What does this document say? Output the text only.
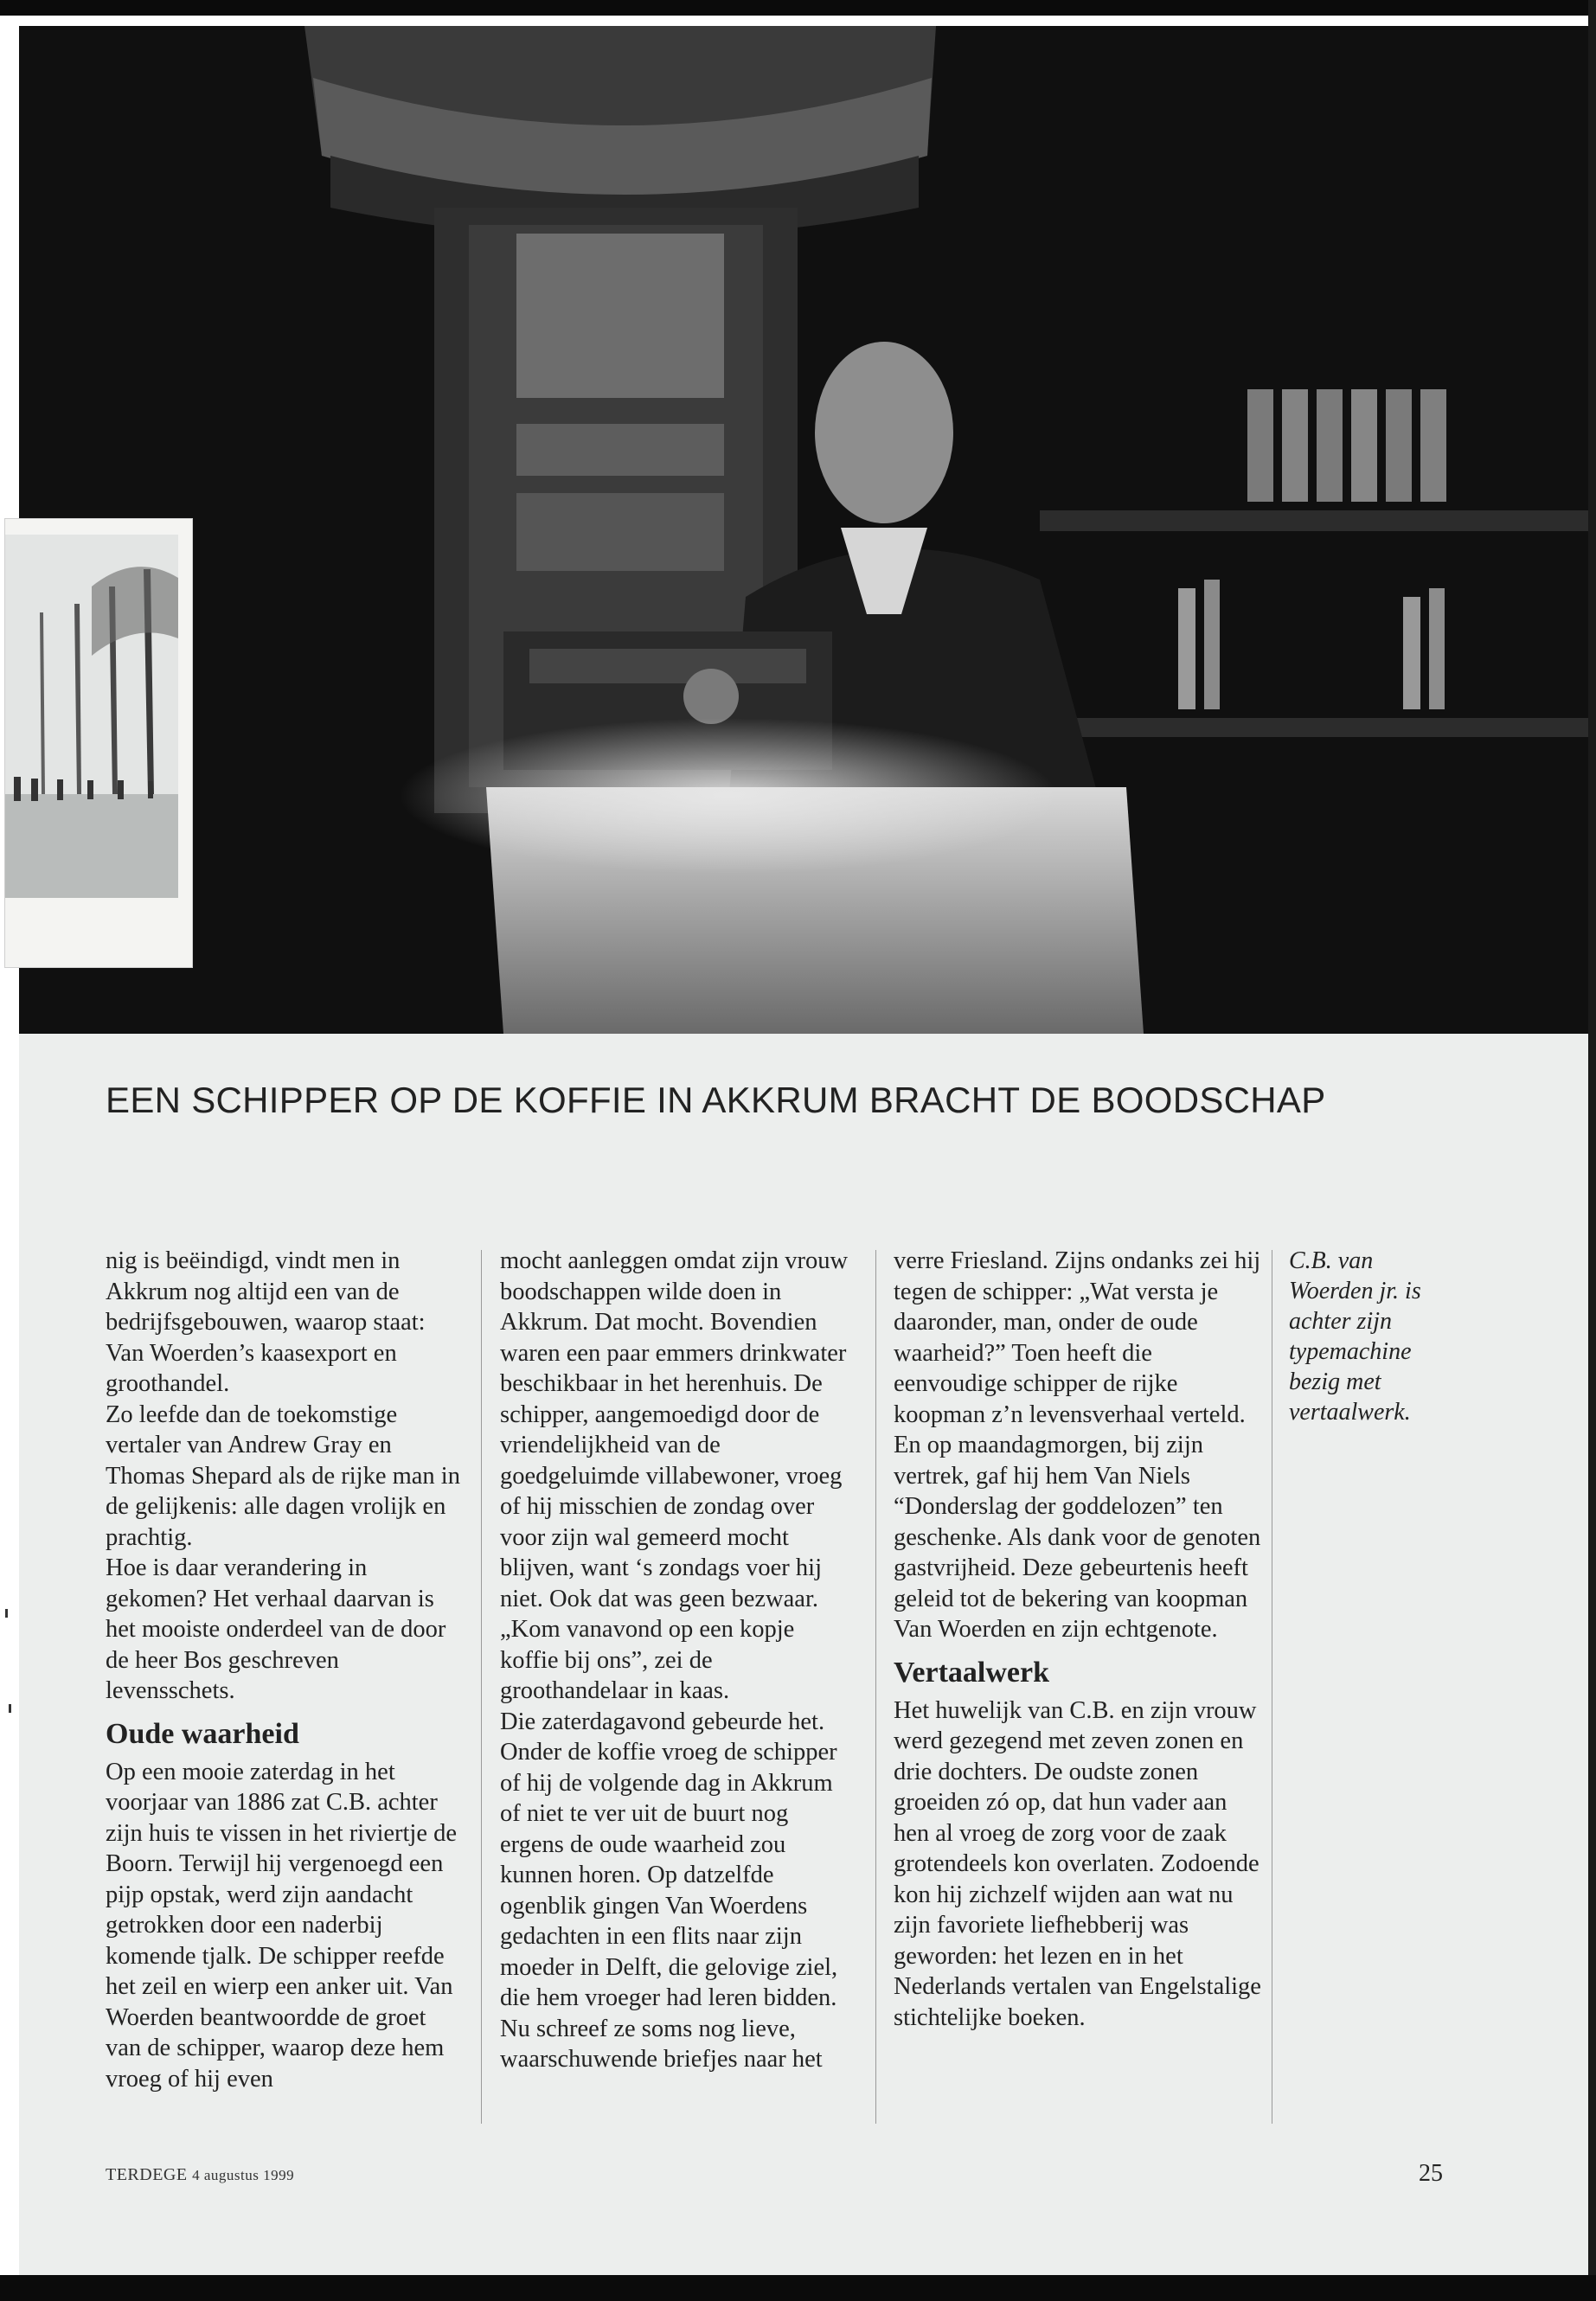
EEN SCHIPPER OP DE KOFFIE IN AKKRUM BRACHT DE BOODSCHAP

nig is beëindigd, vindt men in Akkrum nog altijd een van de bedrijfsgebouwen, waarop staat: Van Woerden’s kaasexport en groothandel.

Zo leefde dan de toekomstige vertaler van Andrew Gray en Thomas Shepard als de rijke man in de gelijkenis: alle dagen vrolijk en prachtig.

Hoe is daar verandering in gekomen? Het verhaal daarvan is het mooiste onderdeel van de door de heer Bos geschreven levensschets.

Oude waarheid

Op een mooie zaterdag in het voorjaar van 1886 zat C.B. achter zijn huis te vissen in het riviertje de Boorn. Terwijl hij vergenoegd een pijp opstak, werd zijn aandacht getrokken door een naderbij komende tjalk. De schipper reefde het zeil en wierp een anker uit. Van Woerden beantwoordde de groet van de schipper, waarop deze hem vroeg of hij even

mocht aanleggen omdat zijn vrouw boodschappen wilde doen in Akkrum. Dat mocht. Bovendien waren een paar emmers drinkwater beschikbaar in het herenhuis. De schipper, aangemoedigd door de vriendelijkheid van de goedgeluimde villabewoner, vroeg of hij misschien de zondag over voor zijn wal gemeerd mocht blijven, want ‘s zondags voer hij niet. Ook dat was geen bezwaar. „Kom vanavond op een kopje koffie bij ons”, zei de groothandelaar in kaas.

Die zaterdagavond gebeurde het. Onder de koffie vroeg de schipper of hij de volgende dag in Akkrum of niet te ver uit de buurt nog ergens de oude waarheid zou kunnen horen. Op datzelfde ogenblik gingen Van Woerdens gedachten in een flits naar zijn moeder in Delft, die gelovige ziel, die hem vroeger had leren bidden. Nu schreef ze soms nog lieve, waarschuwende briefjes naar het

verre Friesland. Zijns ondanks zei hij tegen de schipper: „Wat versta je daaronder, man, onder de oude waarheid?” Toen heeft die eenvoudige schipper de rijke koopman z’n levensverhaal verteld. En op maandagmorgen, bij zijn vertrek, gaf hij hem Van Niels “Donderslag der goddelozen” ten geschenke. Als dank voor de genoten gastvrijheid. Deze gebeurtenis heeft geleid tot de bekering van koopman Van Woerden en zijn echtgenote.

Vertaalwerk

Het huwelijk van C.B. en zijn vrouw werd gezegend met zeven zonen en drie dochters. De oudste zonen groeiden zó op, dat hun vader aan hen al vroeg de zorg voor de zaak grotendeels kon overlaten. Zodoende kon hij zichzelf wijden aan wat nu zijn favoriete liefhebberij was geworden: het lezen en in het Nederlands vertalen van Engelstalige stichtelijke boeken.

C.B. van Woerden jr. is achter zijn typemachine bezig met vertaalwerk.

TERDEGE 4 augustus 1999	25
